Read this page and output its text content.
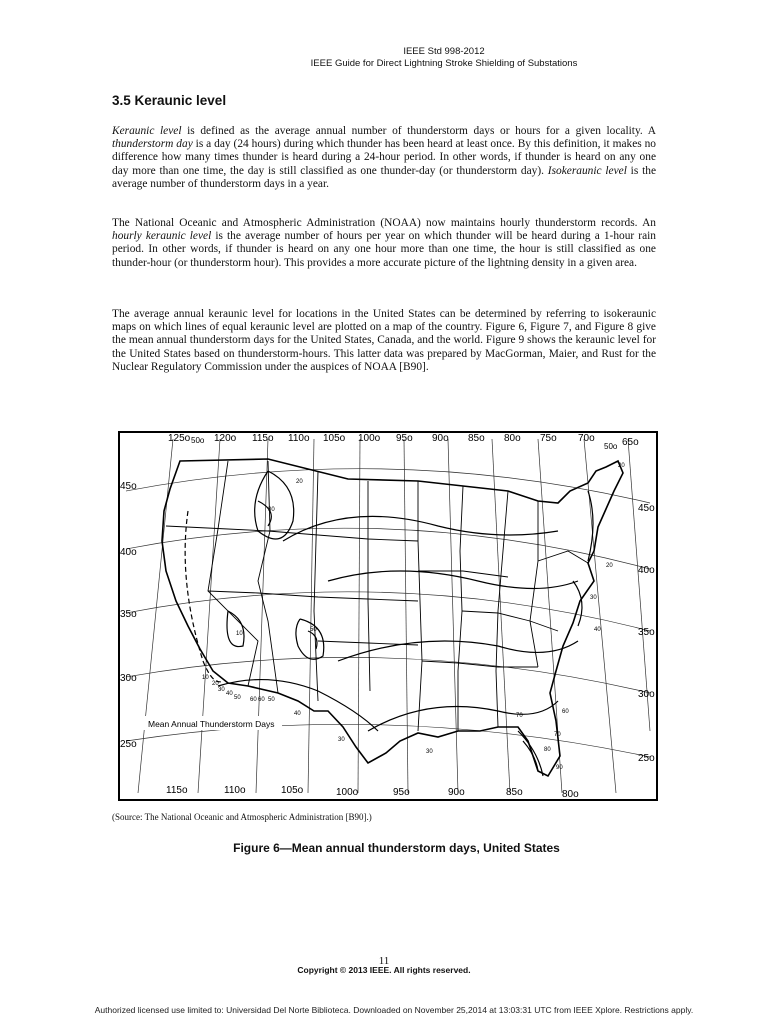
IEEE Std 998-2012
IEEE Guide for Direct Lightning Stroke Shielding of Substations
3.5 Keraunic level
Keraunic level is defined as the average annual number of thunderstorm days or hours for a given locality. A thunderstorm day is a day (24 hours) during which thunder has been heard at least once. By this definition, it makes no difference how many times thunder is heard during a 24-hour period. In other words, if thunder is heard on any one day more than one time, the day is still classified as one thunder-day (or thunderstorm day). Isokeraunic level is the average number of thunderstorm days in a year.
The National Oceanic and Atmospheric Administration (NOAA) now maintains hourly thunderstorm records. An hourly keraunic level is the average number of hours per year on which thunder will be heard during a 1-hour rain period. In other words, if thunder is heard on any one hour more than one time, the hour is still classified as one thunder-hour (or thunderstorm hour). This provides a more accurate picture of the lightning density in a given area.
The average annual keraunic level for locations in the United States can be determined by referring to isokeraunic maps on which lines of equal keraunic level are plotted on a map of the country. Figure 6, Figure 7, and Figure 8 give the mean annual thunderstorm days for the United States, Canada, and the world. Figure 9 shows the keraunic level for the United States based on thunderstorm-hours. This latter data was prepared by MacGorman, Maier, and Rust for the Nuclear Regulatory Commission under the auspices of NOAA [B90].
125o 50o 120o 115o 110o 105o 100o 95o 90o 85o 80o 75o 70o
50o 65o
115o	110o	105o	100o	95o	90o	85o	80o
45o
40o
35o
30o
25o
45o
40o
35o
30o
25o
20
30
10
20
30
40
50 60 60 50
40
30
50
70
80
90
70
60
30
40
20
30
20
10
Mean Annual Thunderstorm Days
(Source: The National Oceanic and Atmospheric Administration [B90].)
Figure 6—Mean annual thunderstorm days, United States
11
Copyright © 2013 IEEE. All rights reserved.
Authorized licensed use limited to: Universidad Del Norte Biblioteca. Downloaded on November 25,2014 at 13:03:31 UTC from IEEE Xplore. Restrictions apply.
